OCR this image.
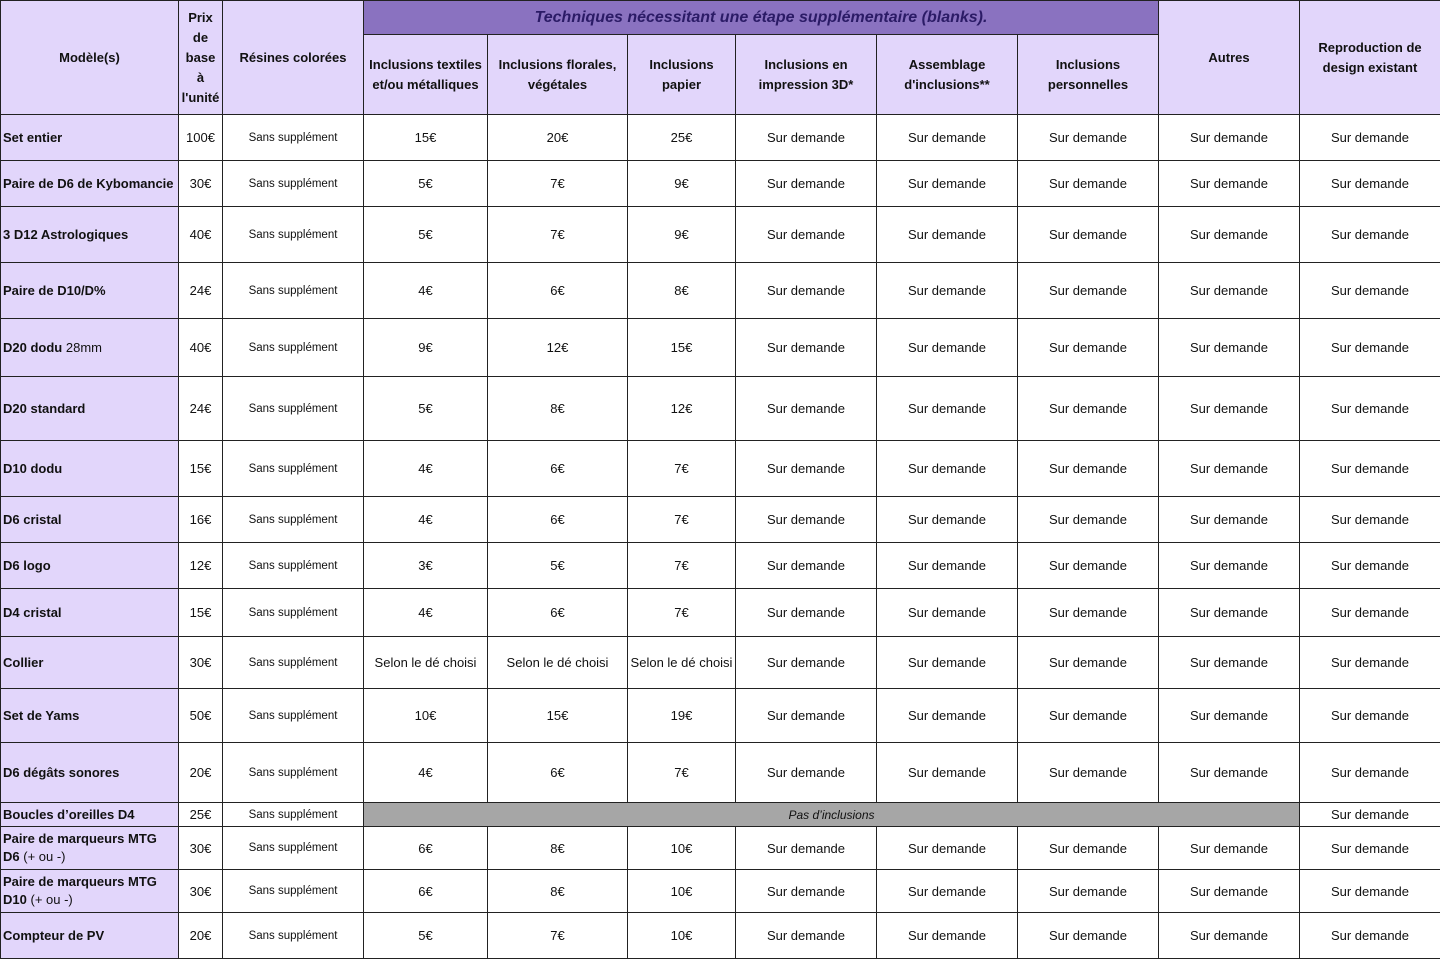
Modèle(s)	Prix de base à l'unité	Résines colorées	Techniques nécessitant une étape supplémentaire (blanks).						Autres	Reproduction de design existant
			Inclusions textiles et/ou métalliques	Inclusions florales, végétales	Inclusions papier	Inclusions en impression 3D*	Assemblage d'inclusions**	Inclusions personnelles		
Set entier	100€	Sans supplément	15€	20€	25€	Sur demande	Sur demande	Sur demande	Sur demande	Sur demande
Paire de D6 de Kybomancie	30€	Sans supplément	5€	7€	9€	Sur demande	Sur demande	Sur demande	Sur demande	Sur demande
3 D12 Astrologiques	40€	Sans supplément	5€	7€	9€	Sur demande	Sur demande	Sur demande	Sur demande	Sur demande
Paire de D10/D%	24€	Sans supplément	4€	6€	8€	Sur demande	Sur demande	Sur demande	Sur demande	Sur demande
D20 dodu 28mm	40€	Sans supplément	9€	12€	15€	Sur demande	Sur demande	Sur demande	Sur demande	Sur demande
D20 standard	24€	Sans supplément	5€	8€	12€	Sur demande	Sur demande	Sur demande	Sur demande	Sur demande
D10 dodu	15€	Sans supplément	4€	6€	7€	Sur demande	Sur demande	Sur demande	Sur demande	Sur demande
D6 cristal	16€	Sans supplément	4€	6€	7€	Sur demande	Sur demande	Sur demande	Sur demande	Sur demande
D6 logo	12€	Sans supplément	3€	5€	7€	Sur demande	Sur demande	Sur demande	Sur demande	Sur demande
D4 cristal	15€	Sans supplément	4€	6€	7€	Sur demande	Sur demande	Sur demande	Sur demande	Sur demande
Collier	30€	Sans supplément	Selon le dé choisi	Selon le dé choisi	Selon le dé choisi	Sur demande	Sur demande	Sur demande	Sur demande	Sur demande
Set de Yams	50€	Sans supplément	10€	15€	19€	Sur demande	Sur demande	Sur demande	Sur demande	Sur demande
D6 dégâts sonores	20€	Sans supplément	4€	6€	7€	Sur demande	Sur demande	Sur demande	Sur demande	Sur demande
Boucles d’oreilles D4	25€	Sans supplément	Pas d’inclusions							Sur demande
Paire de marqueurs MTG D6 (+ ou -)	30€	Sans supplément	6€	8€	10€	Sur demande	Sur demande	Sur demande	Sur demande	Sur demande
Paire de marqueurs MTG D10 (+ ou -)	30€	Sans supplément	6€	8€	10€	Sur demande	Sur demande	Sur demande	Sur demande	Sur demande
Compteur de PV	20€	Sans supplément	5€	7€	10€	Sur demande	Sur demande	Sur demande	Sur demande	Sur demande
